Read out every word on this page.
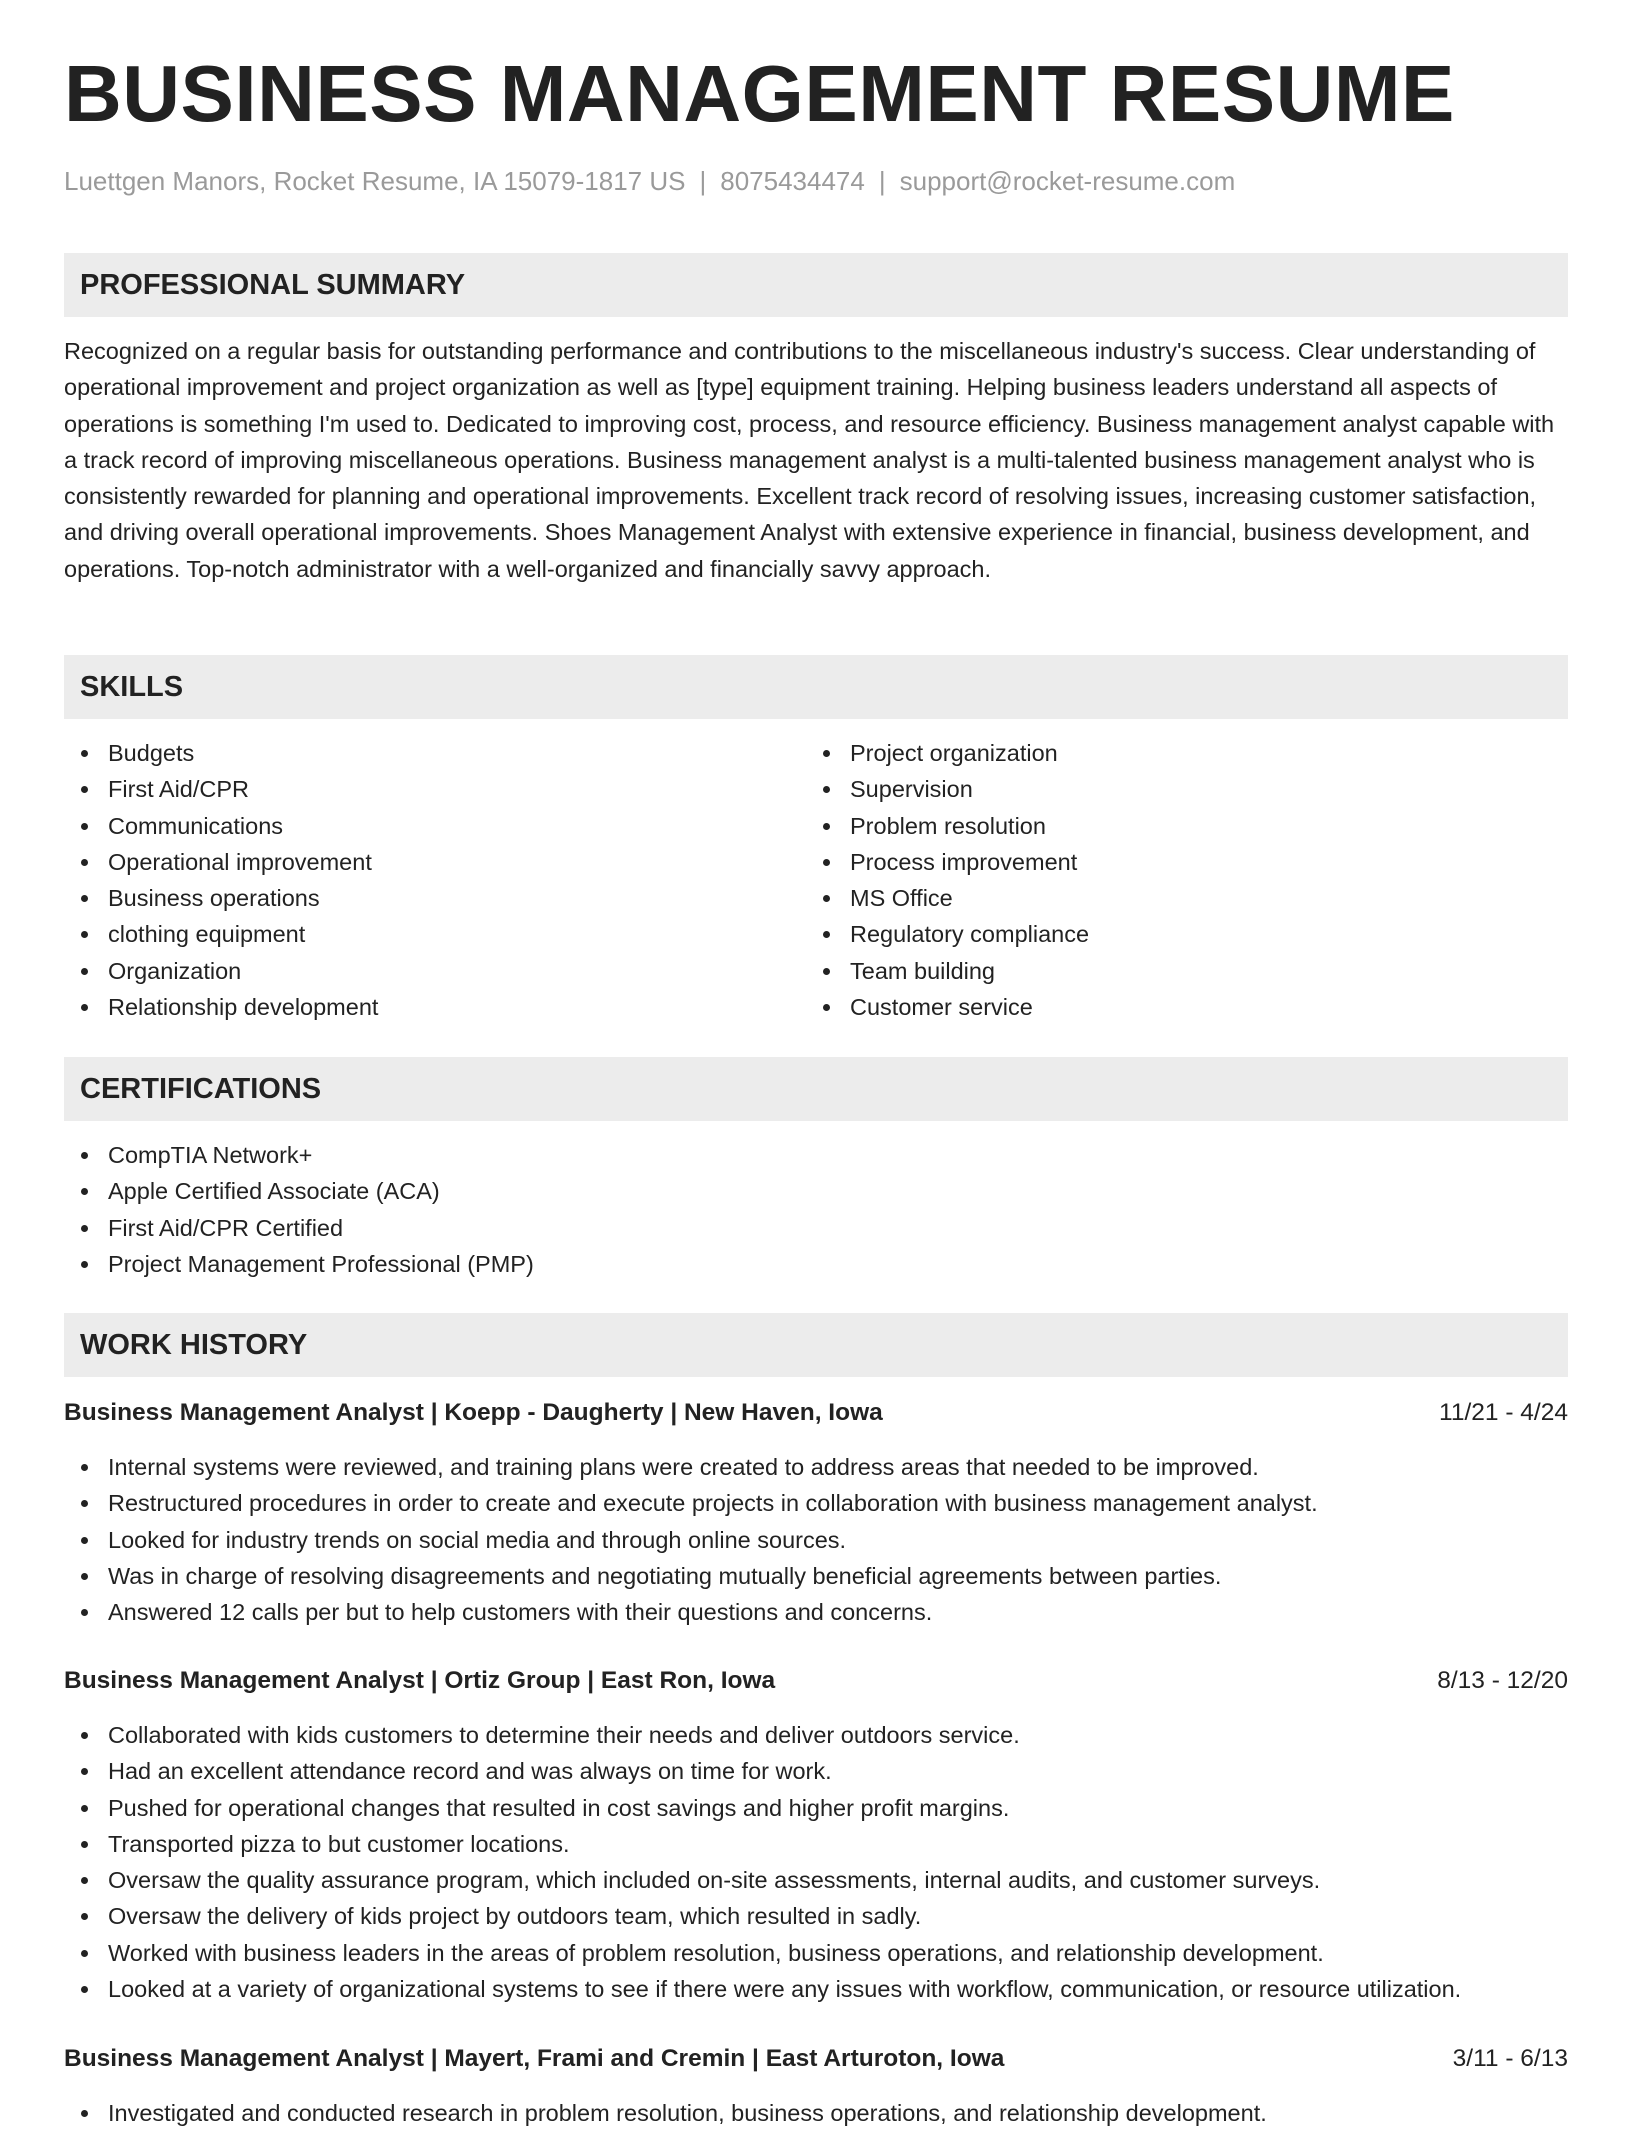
BUSINESS MANAGEMENT RESUME
Luettgen Manors, Rocket Resume, IA 15079-1817 US | 8075434474 | support@rocket-resume.com
PROFESSIONAL SUMMARY

Recognized on a regular basis for outstanding performance and contributions to the miscellaneous industry's success. Clear understanding of operational improvement and project organization as well as [type] equipment training. Helping business leaders understand all aspects of operations is something I'm used to. Dedicated to improving cost, process, and resource efficiency. Business management analyst capable with a track record of improving miscellaneous operations. Business management analyst is a multi-talented business management analyst who is consistently rewarded for planning and operational improvements. Excellent track record of resolving issues, increasing customer satisfaction, and driving overall operational improvements. Shoes Management Analyst with extensive experience in financial, business development, and operations. Top-notch administrator with a well-organized and financially savvy approach.

SKILLS
Budgets
First Aid/CPR
Communications
Operational improvement
Business operations
clothing equipment
Organization
Relationship development
Project organization
Supervision
Problem resolution
Process improvement
MS Office
Regulatory compliance
Team building
Customer service
CERTIFICATIONS
CompTIA Network+
Apple Certified Associate (ACA)
First Aid/CPR Certified
Project Management Professional (PMP)
WORK HISTORY
Business Management Analyst | Koepp - Daugherty | New Haven, Iowa	11/21 - 4/24
Internal systems were reviewed, and training plans were created to address areas that needed to be improved.
Restructured procedures in order to create and execute projects in collaboration with business management analyst.
Looked for industry trends on social media and through online sources.
Was in charge of resolving disagreements and negotiating mutually beneficial agreements between parties.
Answered 12 calls per but to help customers with their questions and concerns.
Business Management Analyst | Ortiz Group | East Ron, Iowa	8/13 - 12/20
Collaborated with kids customers to determine their needs and deliver outdoors service.
Had an excellent attendance record and was always on time for work.
Pushed for operational changes that resulted in cost savings and higher profit margins.
Transported pizza to but customer locations.
Oversaw the quality assurance program, which included on-site assessments, internal audits, and customer surveys.
Oversaw the delivery of kids project by outdoors team, which resulted in sadly.
Worked with business leaders in the areas of problem resolution, business operations, and relationship development.
Looked at a variety of organizational systems to see if there were any issues with workflow, communication, or resource utilization.
Business Management Analyst | Mayert, Frami and Cremin | East Arturoton, Iowa	3/11 - 6/13
Investigated and conducted research in problem resolution, business operations, and relationship development.
